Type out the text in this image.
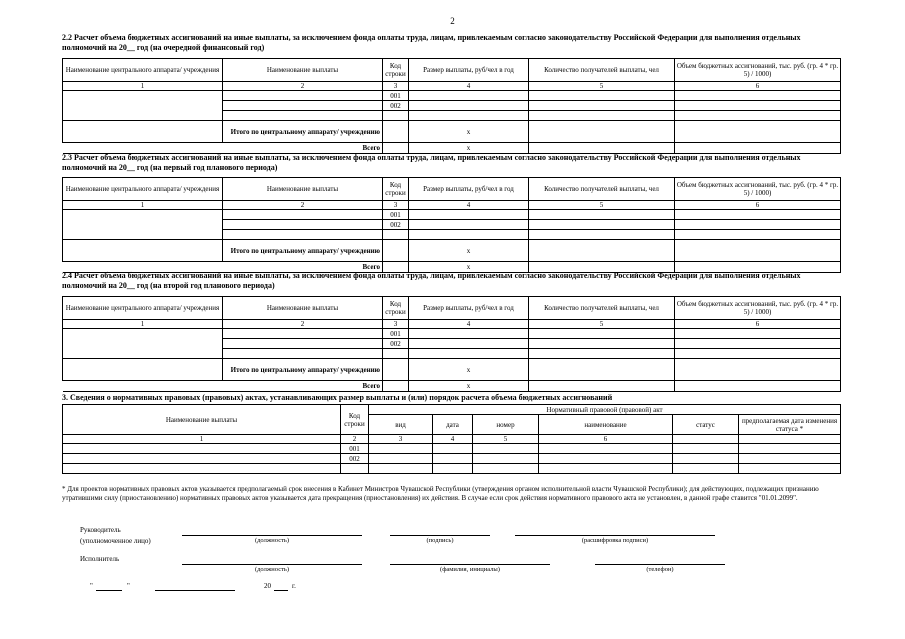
2
2.2 Расчет объема бюджетных ассигнований на иные выплаты, за исключением фонда оплаты труда, лицам, привлекаемым согласно законодательству Российской Федерации для выполнения отдельных
полномочий на 20__ год (на очередной финансовый год)
Наименование центрального аппарата/ учреждения	Наименование выплаты	Код строки	Размер выплаты, руб/чел в год	Количество получателей выплаты, чел	Объем бюджетных ассигнований, тыс. руб. (гр. 4 * гр. 5) / 1000)
1	2	3	4	5	6
		001			
		002			

	Итого по центральному аппарату/ учреждению		x		
Всего			x		
2.3 Расчет объема бюджетных ассигнований на иные выплаты, за исключением фонда оплаты труда, лицам, привлекаемым согласно законодательству Российской Федерации для выполнения отдельных
полномочий на 20__ год (на первый год планового периода)
Наименование центрального аппарата/ учреждения	Наименование выплаты	Код строки	Размер выплаты, руб/чел в год	Количество получателей выплаты, чел	Объем бюджетных ассигнований, тыс. руб. (гр. 4 * гр. 5) / 1000)
1	2	3	4	5	6
		001			
		002			

	Итого по центральному аппарату/ учреждению		x		
Всего			x		
2.4 Расчет объема бюджетных ассигнований на иные выплаты, за исключением фонда оплаты труда, лицам, привлекаемым согласно законодательству Российской Федерации для выполнения отдельных
полномочий на 20__ год (на второй год планового периода)
Наименование центрального аппарата/ учреждения	Наименование выплаты	Код строки	Размер выплаты, руб/чел в год	Количество получателей выплаты, чел	Объем бюджетных ассигнований, тыс. руб. (гр. 4 * гр. 5) / 1000)
1	2	3	4	5	6
		001			
		002			

	Итого по центральному аппарату/ учреждению		x		
Всего			x		
3. Сведения о нормативных правовых (правовых) актах, устанавливающих размер выплаты и (или) порядок расчета объема бюджетных ассигнований
Наименование выплаты	Код строки	Нормативный правовой (правовой) акт					
		вид	дата	номер	наименование	статус	предполагаемая дата изменения статуса *
1	2	3	4	5	6		
	001						
	002						

* Для проектов нормативных правовых актов указывается предполагаемый срок внесения в Кабинет Министров Чувашской Республики (утверждения органом исполнительной власти Чувашской Республики); для действующих, подлежащих признанию утратившими силу (приостановлению) нормативных правовых актов указывается дата прекращения (приостановления) их действия. В случае если срок действия нормативного правового акта не установлен, в данной графе ставится "01.01.2099".
Руководитель
(уполномоченное лицо)	(должность)	(подпись)	(расшифровка подписи)
Исполнитель
(должность)	(фамилия, инициалы)	(телефон)
"	"	20	г.
